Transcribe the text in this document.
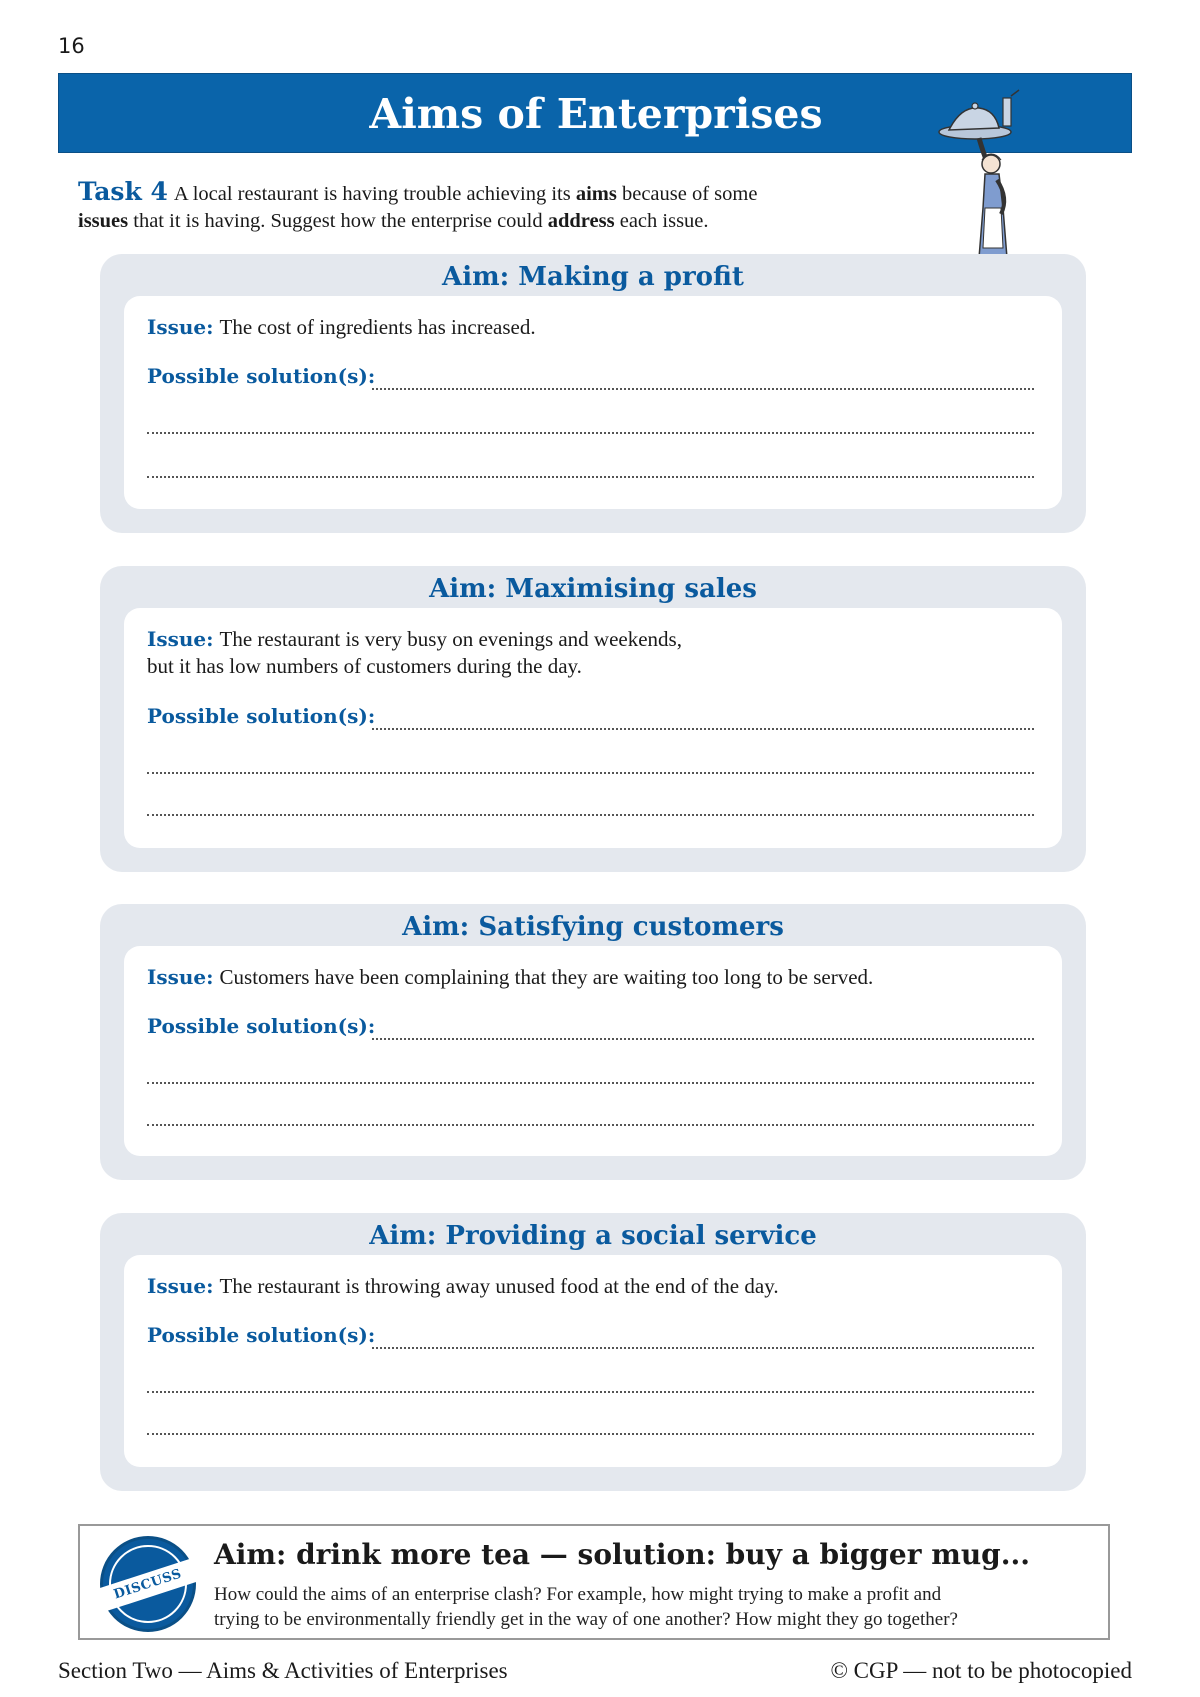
16
Aims of Enterprises
Task 4 A local restaurant is having trouble achieving its aims because of some
issues that it is having. Suggest how the enterprise could address each issue.
Aim: Making a profit
Issue: The cost of ingredients has increased.
Possible solution(s):
Aim: Maximising sales
Issue: The restaurant is very busy on evenings and weekends,
but it has low numbers of customers during the day.
Possible solution(s):
Aim: Satisfying customers
Issue: Customers have been complaining that they are waiting too long to be served.
Possible solution(s):
Aim: Providing a social service
Issue: The restaurant is throwing away unused food at the end of the day.
Possible solution(s):
DISCUSS
Aim: drink more tea — solution: buy a bigger mug...
How could the aims of an enterprise clash? For example, how might trying to make a profit and
trying to be environmentally friendly get in the way of one another? How might they go together?
Section Two — Aims & Activities of Enterprises	© CGP — not to be photocopied
